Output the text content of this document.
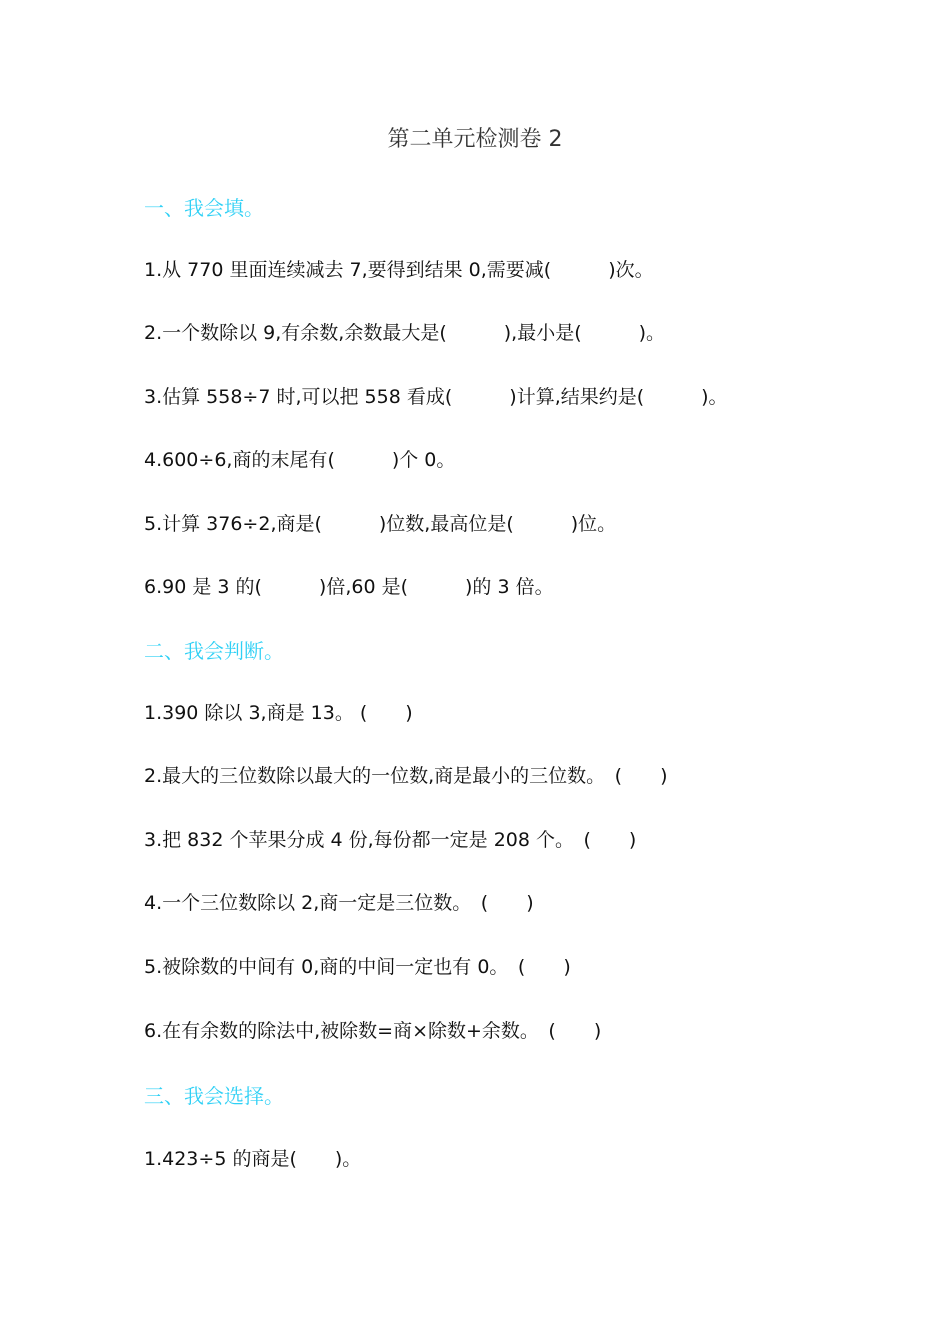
第二单元检测卷 2
一、我会填。
1.从 770 里面连续减去 7,要得到结果 0,需要减(　　　)次。
2.一个数除以 9,有余数,余数最大是(　　　),最小是(　　　)。
3.估算 558÷7 时,可以把 558 看成(　　　)计算,结果约是(　　　)。
4.600÷6,商的末尾有(　　　)个 0。
5.计算 376÷2,商是(　　　)位数,最高位是(　　　)位。
6.90 是 3 的(　　　)倍,60 是(　　　)的 3 倍。
二、我会判断。
1.390 除以 3,商是 13。 (　　)
2.最大的三位数除以最大的一位数,商是最小的三位数。　(　　)
3.把 832 个苹果分成 4 份,每份都一定是 208 个。　(　　)
4.一个三位数除以 2,商一定是三位数。　(　　)
5.被除数的中间有 0,商的中间一定也有 0。　(　　)
6.在有余数的除法中,被除数=商×除数+余数。　(　　)
三、我会选择。
1.423÷5 的商是(　　)。
